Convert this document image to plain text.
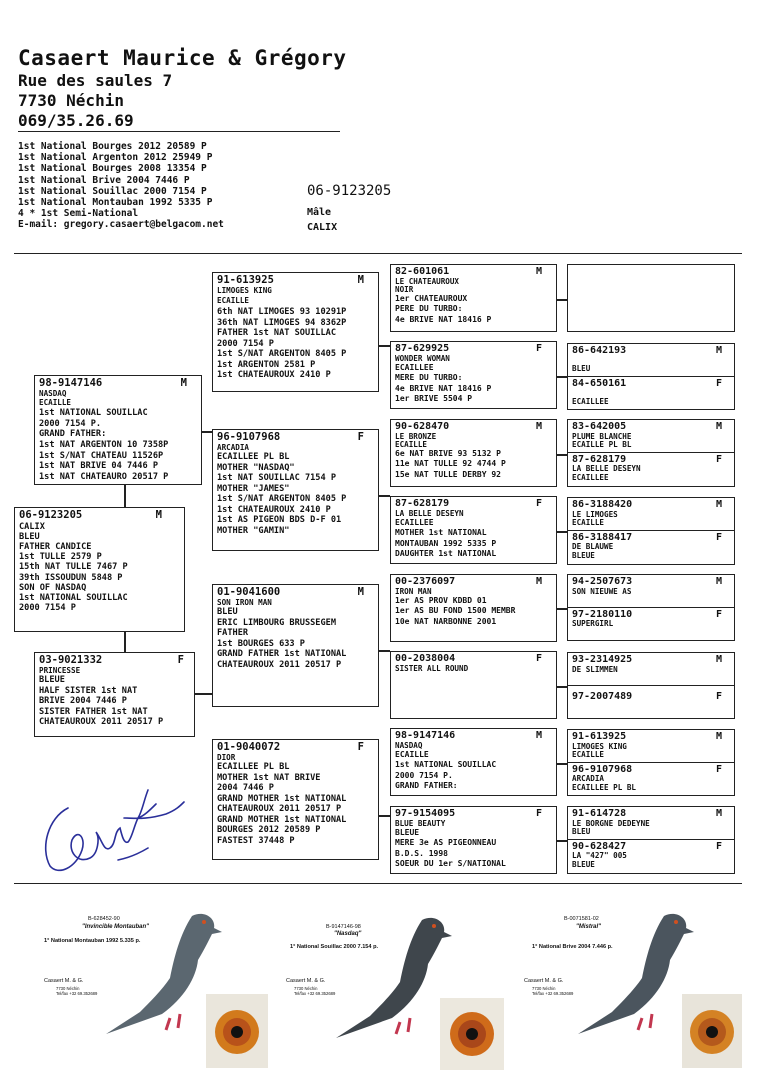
Casaert Maurice & Grégory
Rue des saules 7
7730 Néchin
069/35.26.69
1st National Bourges 2012 20589 P
1st National Argenton 2012 25949 P
1st National Bourges 2008 13354 P
1st National Brive 2004 7446 P
1st National Souillac 2000 7154 P
1st National Montauban 1992 5335 P
4 * 1st Semi-National
E-mail: gregory.casaert@belgacom.net
06-9123205
Mâle
CALIX
06-9123205	M
CALIX
BLEU
FATHER CANDICE
1st TULLE 2579 P
15th NAT TULLE 7467 P
39th ISSOUDUN 5848 P
SON OF NASDAQ
1st NATIONAL SOUILLAC
2000 7154 P
98-9147146	M
NASDAQ
ECAILLE
1st NATIONAL SOUILLAC
2000 7154 P.
GRAND FATHER:
1st NAT ARGENTON 10 7358P
1st S/NAT CHATEAU 11526P
1st NAT BRIVE 04 7446 P
1st NAT CHATEAURO 20517 P
03-9021332	F
PRINCESSE
BLEUE
HALF SISTER 1st NAT
BRIVE 2004 7446 P
SISTER FATHER 1st NAT
CHATEAUROUX 2011 20517 P
91-613925	M
LIMOGES KING
ECAILLE
6th NAT LIMOGES 93 10291P
36th NAT LIMOGES 94 8362P
FATHER 1st NAT SOUILLAC
2000 7154 P
1st S/NAT ARGENTON 8405 P
1st ARGENTON 2581 P
1st CHATEAUROUX 2410 P
96-9107968	F
ARCADIA
ECAILLEE PL BL
MOTHER "NASDAQ"
1st NAT SOUILLAC 7154 P
MOTHER "JAMES"
1st S/NAT ARGENTON 8405 P
1st CHATEAUROUX 2410 P
1st AS PIGEON BDS D-F 01
MOTHER "GAMIN"
01-9041600	M
SON IRON MAN
BLEU
ERIC LIMBOURG BRUSSEGEM
FATHER
1st BOURGES 633 P
GRAND FATHER 1st NATIONAL
CHATEAUROUX 2011 20517 P
01-9040072	F
DIOR
ECAILLEE PL BL
MOTHER 1st NAT BRIVE
2004 7446 P
GRAND MOTHER 1st NATIONAL
CHATEAUROUX 2011 20517 P
GRAND MOTHER 1st NATIONAL
BOURGES 2012 20589 P
FASTEST 37448 P
82-601061	M
LE CHATEAUROUX
NOIR
1er CHATEAUROUX
PERE DU TURBO:
4e BRIVE NAT 18416 P
87-629925	F
WONDER WOMAN
ECAILLEE
MERE DU TURBO:
4e BRIVE NAT 18416 P
1er BRIVE 5504 P
90-628470	M
LE BRONZE
ECAILLE
6e NAT BRIVE 93 5132 P
11e NAT TULLE 92 4744 P
15e NAT TULLE DERBY 92
87-628179	F
LA BELLE DESEYN
ECAILLEE
MOTHER 1st NATIONAL
MONTAUBAN 1992 5335 P
DAUGHTER 1st NATIONAL
00-2376097	M
IRON MAN
1er AS PROV KDBD 01
1er AS BU FOND 1500 MEMBR
10e NAT NARBONNE 2001
00-2038004	F
SISTER ALL ROUND
98-9147146	M
NASDAQ
ECAILLE
1st NATIONAL SOUILLAC
2000 7154 P.
GRAND FATHER:
97-9154095	F
BLUE BEAUTY
BLEUE
MERE 3e AS PIGEONNEAU
B.D.S. 1998
SOEUR DU 1er S/NATIONAL
86-642193	M

BLEU
84-650161	F

ECAILLEE
83-642005	M
PLUME BLANCHE
ECAILLE PL BL
87-628179	F
LA BELLE DESEYN
ECAILLEE
86-3188420	M
LE LIMOGES
ECAILLE
86-3188417	F
DE BLAUWE
BLEUE
94-2507673	M
SON NIEUWE AS

97-2180110	F
SUPERGIRL
93-2314925	M
DE SLIMMEN

97-2007489	F
91-613925	M
LIMOGES KING
ECAILLE
96-9107968	F
ARCADIA
ECAILLEE PL BL
91-614728	M
LE BORGNE DEDEYNE
BLEU
90-628427	F
LA "427" 005
BLEUE
B-628452-90
"Invincible Montauban"
1° National Montauban 1992 5.335 p.
Casaert M. & G.
7730 Néchin
Tel/fax +32 69.352689
B-9147146-98
"Nasdaq"
1° National Souillac 2000 7.154 p.
Casaert M. & G.
7730 Néchin
Tel/fax +32 69.352689
B-0071581-02
"Mistral"
1° National Brive 2004 7.446 p.
Casaert M. & G.
7730 Néchin
Tel/fax +32 69.352689
